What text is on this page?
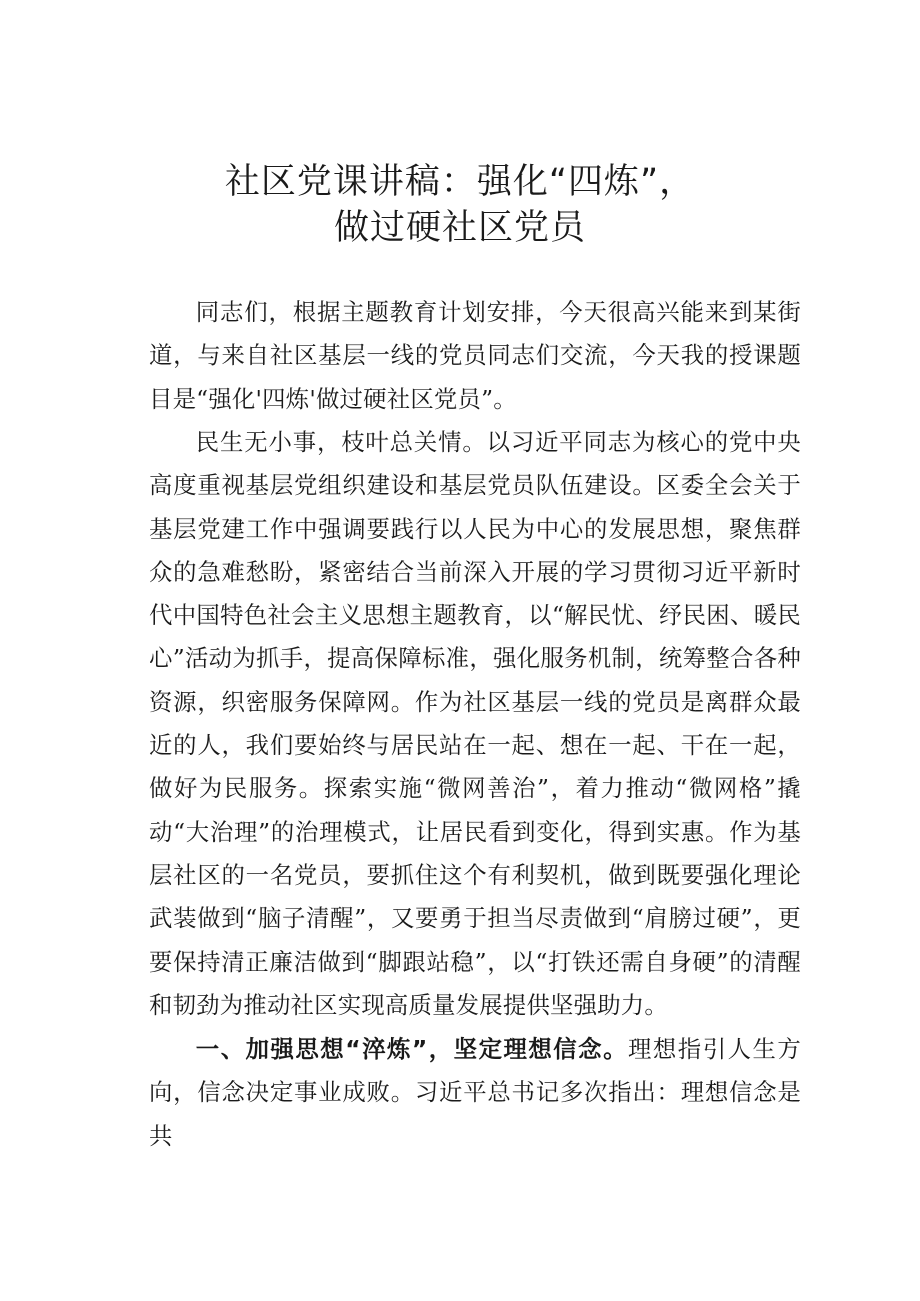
社区党课讲稿：强化“四炼”，
做过硬社区党员

同志们，根据主题教育计划安排，今天很高兴能来到某街道，与来自社区基层一线的党员同志们交流，今天我的授课题目是“强化'四炼'做过硬社区党员”。

民生无小事，枝叶总关情。以习近平同志为核心的党中央高度重视基层党组织建设和基层党员队伍建设。区委全会关于基层党建工作中强调要践行以人民为中心的发展思想，聚焦群众的急难愁盼，紧密结合当前深入开展的学习贯彻习近平新时代中国特色社会主义思想主题教育，以“解民忧、纾民困、暖民心”活动为抓手，提高保障标准，强化服务机制，统筹整合各种资源，织密服务保障网。作为社区基层一线的党员是离群众最近的人，我们要始终与居民站在一起、想在一起、干在一起，做好为民服务。探索实施“微网善治”，着力推动“微网格”撬动“大治理”的治理模式，让居民看到变化，得到实惠。作为基层社区的一名党员，要抓住这个有利契机，做到既要强化理论武装做到“脑子清醒”，又要勇于担当尽责做到“肩膀过硬”，更要保持清正廉洁做到“脚跟站稳”，以“打铁还需自身硬”的清醒和韧劲为推动社区实现高质量发展提供坚强助力。

一、加强思想“淬炼”，坚定理想信念。理想指引人生方向，信念决定事业成败。习近平总书记多次指出：理想信念是共
